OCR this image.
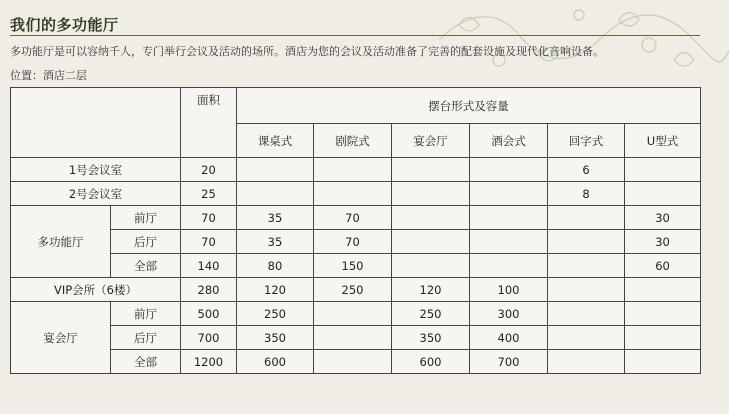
我们的多功能厅
多功能厅是可以容纳千人，专门举行会议及活动的场所。酒店为您的会议及活动准备了完善的配套设施及现代化音响设备。
位置：酒店二层
		面积	摆台形式及容量					
			课桌式	剧院式	宴会厅	酒会式	回字式	U型式
1号会议室		20					6	
2号会议室		25					8	
多功能厅	前厅	70	35	70				30
	后厅	70	35	70				30
	全部	140	80	150				60
VIP会所（6楼）		280	120	250	120	100		
宴会厅	前厅	500	250		250	300		
	后厅	700	350		350	400		
	全部	1200	600		600	700		
